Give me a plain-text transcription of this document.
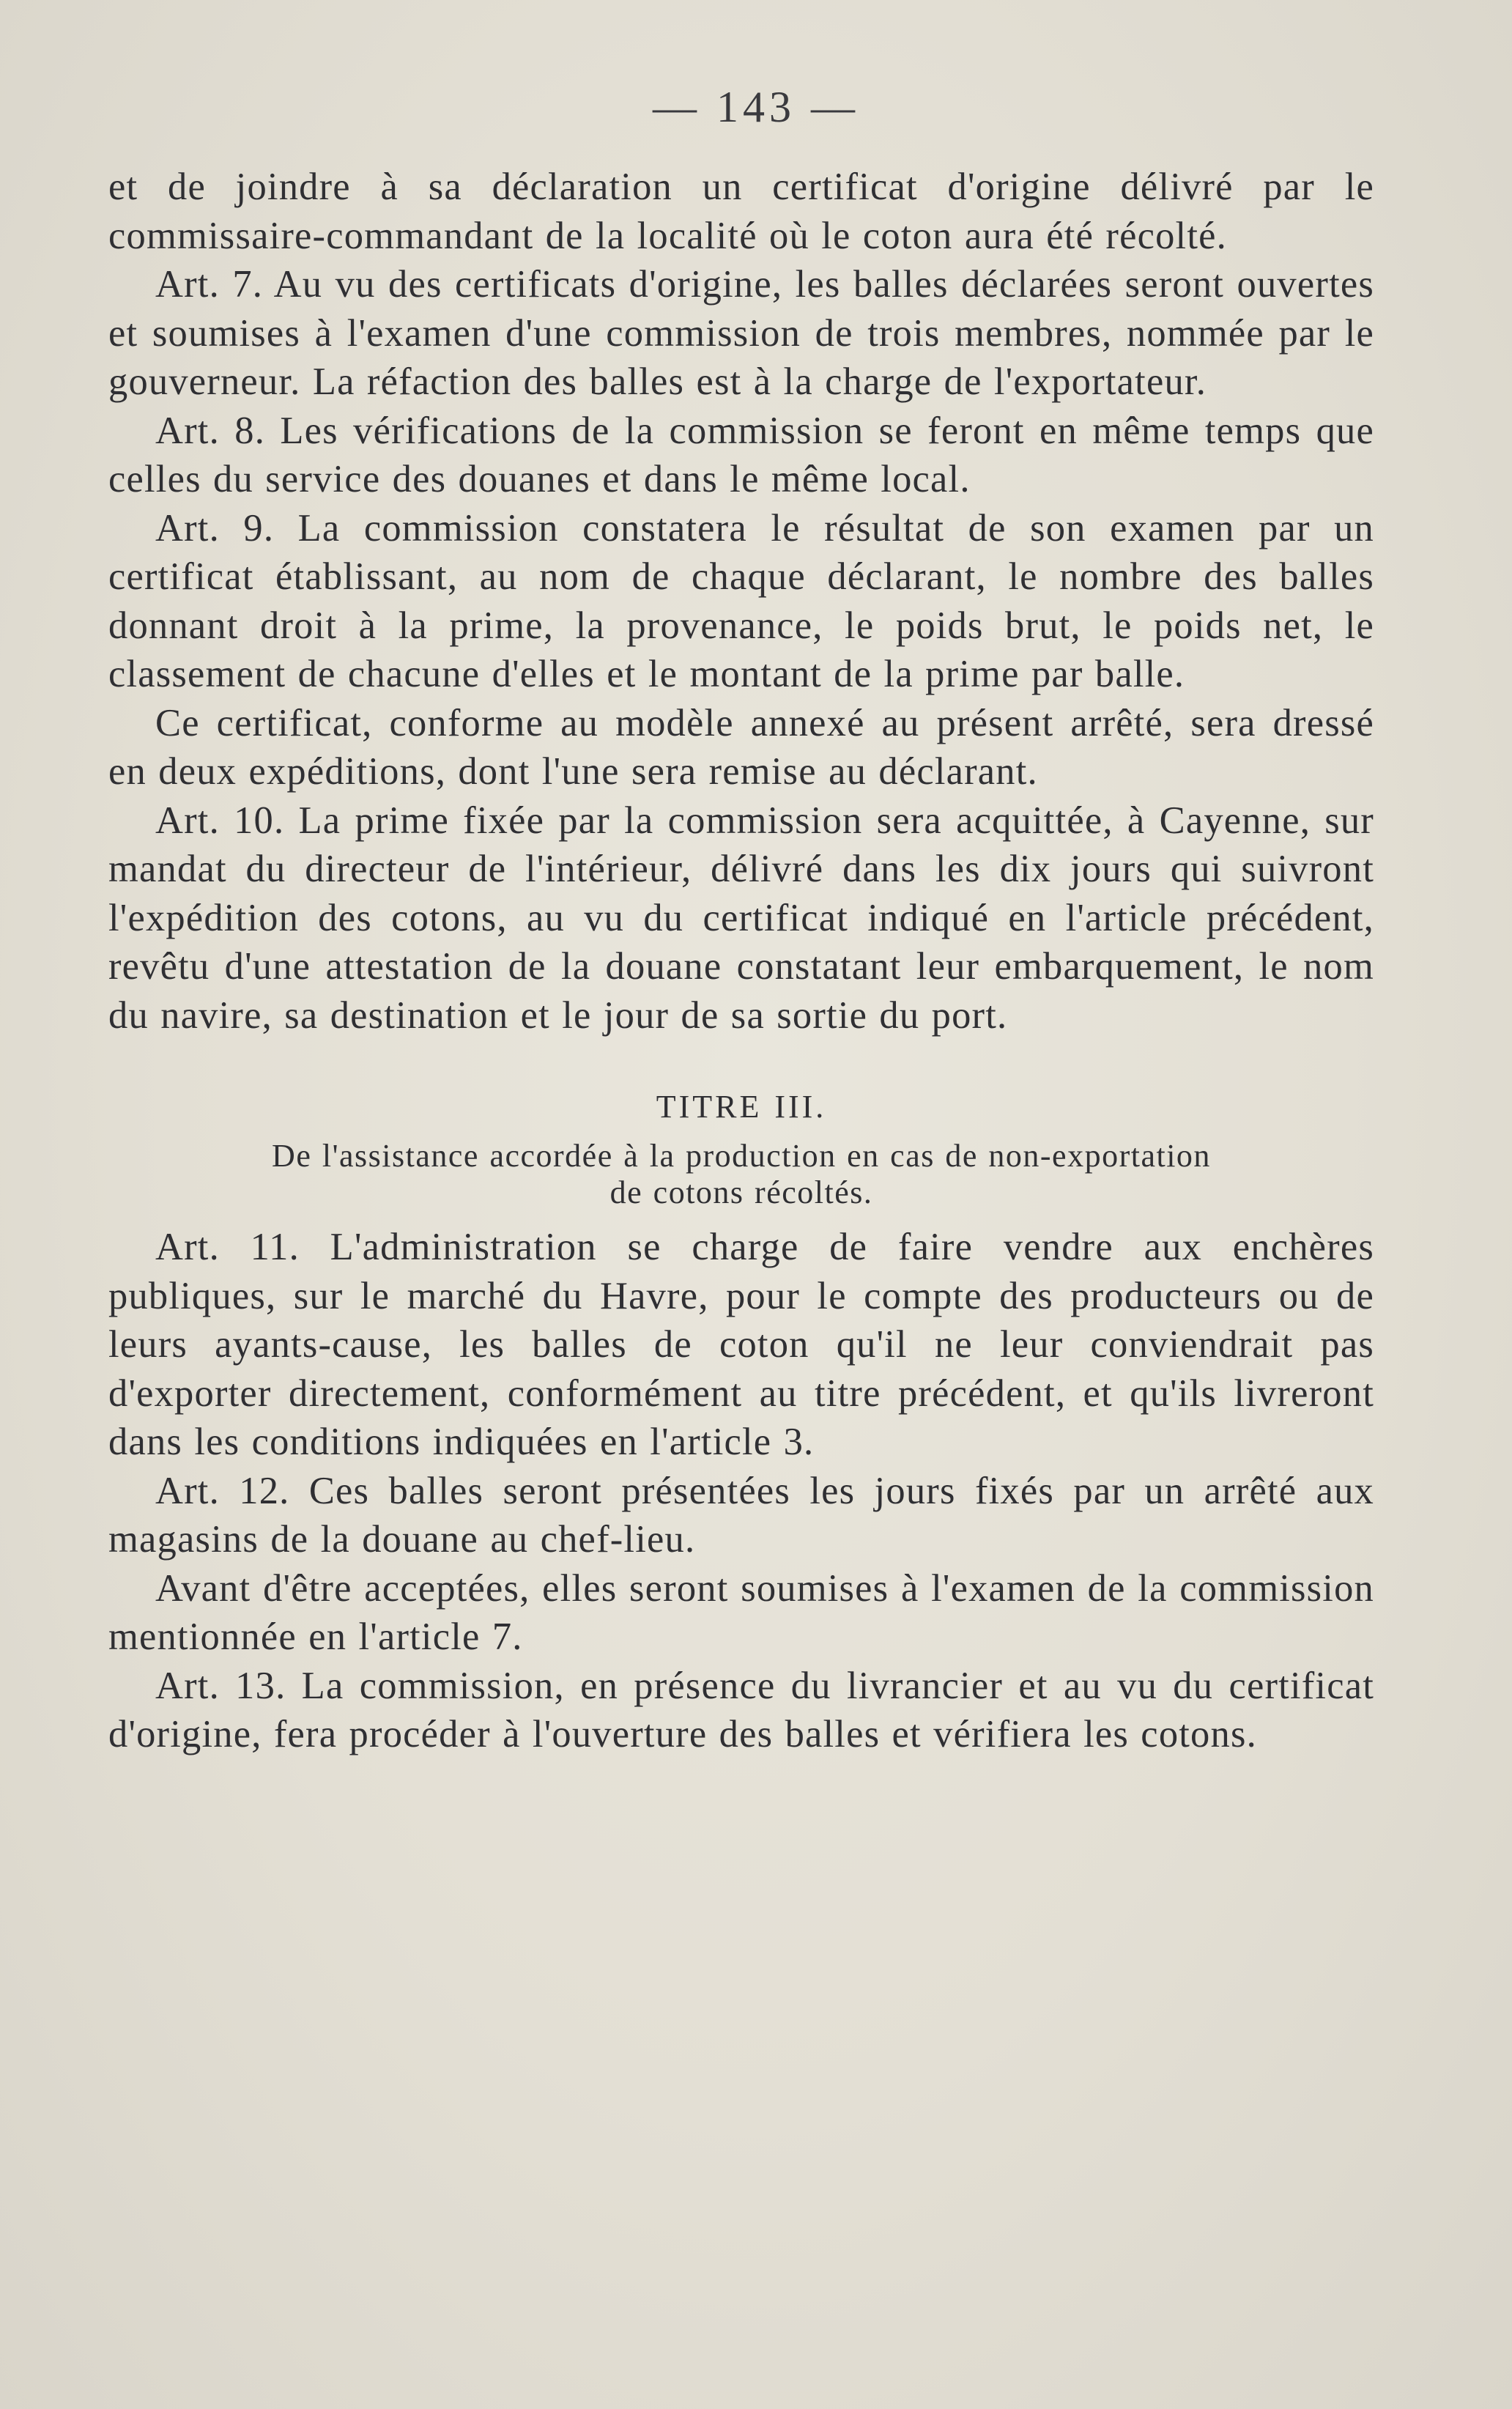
— 143 —

et de joindre à sa déclaration un certificat d'origine délivré par le commissaire-commandant de la localité où le coton aura été récolté.

Art. 7. Au vu des certificats d'origine, les balles déclarées seront ouvertes et soumises à l'examen d'une commission de trois membres, nommée par le gouverneur. La réfaction des balles est à la charge de l'exportateur.

Art. 8. Les vérifications de la commission se feront en même temps que celles du service des douanes et dans le même local.

Art. 9. La commission constatera le résultat de son examen par un certificat établissant, au nom de chaque déclarant, le nombre des balles donnant droit à la prime, la provenance, le poids brut, le poids net, le classement de chacune d'elles et le montant de la prime par balle.

Ce certificat, conforme au modèle annexé au présent arrêté, sera dressé en deux expéditions, dont l'une sera remise au déclarant.

Art. 10. La prime fixée par la commission sera acquittée, à Cayenne, sur mandat du directeur de l'intérieur, délivré dans les dix jours qui suivront l'expédition des cotons, au vu du certificat indiqué en l'article précédent, revêtu d'une attestation de la douane constatant leur embarquement, le nom du navire, sa destination et le jour de sa sortie du port.

TITRE III.
De l'assistance accordée à la production en cas de non-exportation
de cotons récoltés.

Art. 11. L'administration se charge de faire vendre aux enchères publiques, sur le marché du Havre, pour le compte des producteurs ou de leurs ayants-cause, les balles de coton qu'il ne leur conviendrait pas d'exporter directement, conformément au titre précédent, et qu'ils livreront dans les conditions indiquées en l'article 3.

Art. 12. Ces balles seront présentées les jours fixés par un arrêté aux magasins de la douane au chef-lieu.

Avant d'être acceptées, elles seront soumises à l'examen de la commission mentionnée en l'article 7.

Art. 13. La commission, en présence du livrancier et au vu du certificat d'origine, fera procéder à l'ouverture des balles et vérifiera les cotons.
